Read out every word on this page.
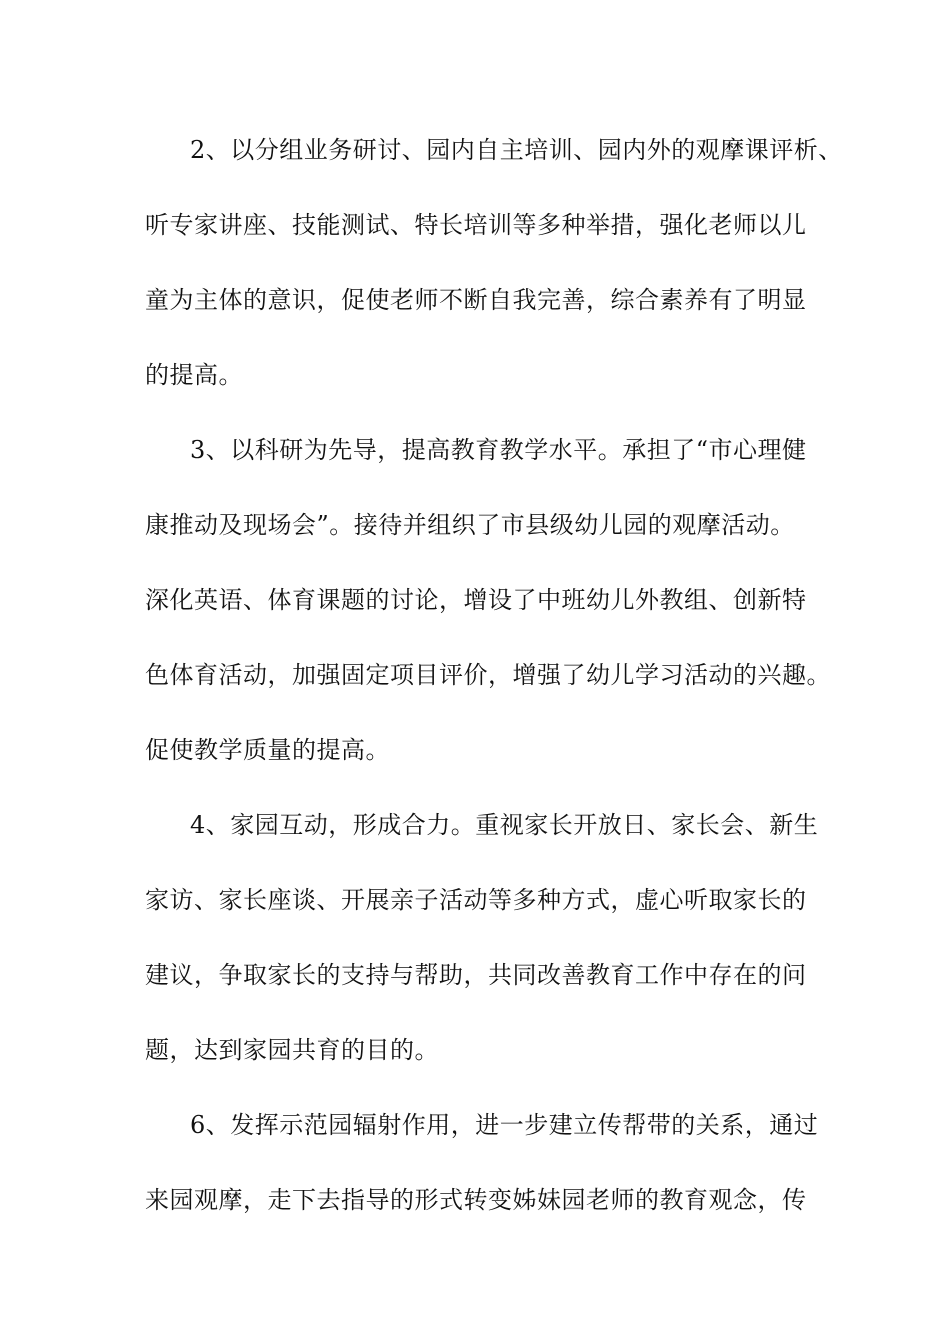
2、以分组业务研讨、园内自主培训、园内外的观摩课评析、
听专家讲座、技能测试、特长培训等多种举措，强化老师以儿
童为主体的意识，促使老师不断自我完善，综合素养有了明显
的提高。
3、以科研为先导，提高教育教学水平。承担了“市心理健
康推动及现场会”。接待并组织了市县级幼儿园的观摩活动。
深化英语、体育课题的讨论，增设了中班幼儿外教组、创新特
色体育活动，加强固定项目评价，增强了幼儿学习活动的兴趣。
促使教学质量的提高。
4、家园互动，形成合力。重视家长开放日、家长会、新生
家访、家长座谈、开展亲子活动等多种方式，虚心听取家长的
建议，争取家长的支持与帮助，共同改善教育工作中存在的问
题，达到家园共育的目的。
6、发挥示范园辐射作用，进一步建立传帮带的关系，通过
来园观摩，走下去指导的形式转变姊妹园老师的教育观念，传
